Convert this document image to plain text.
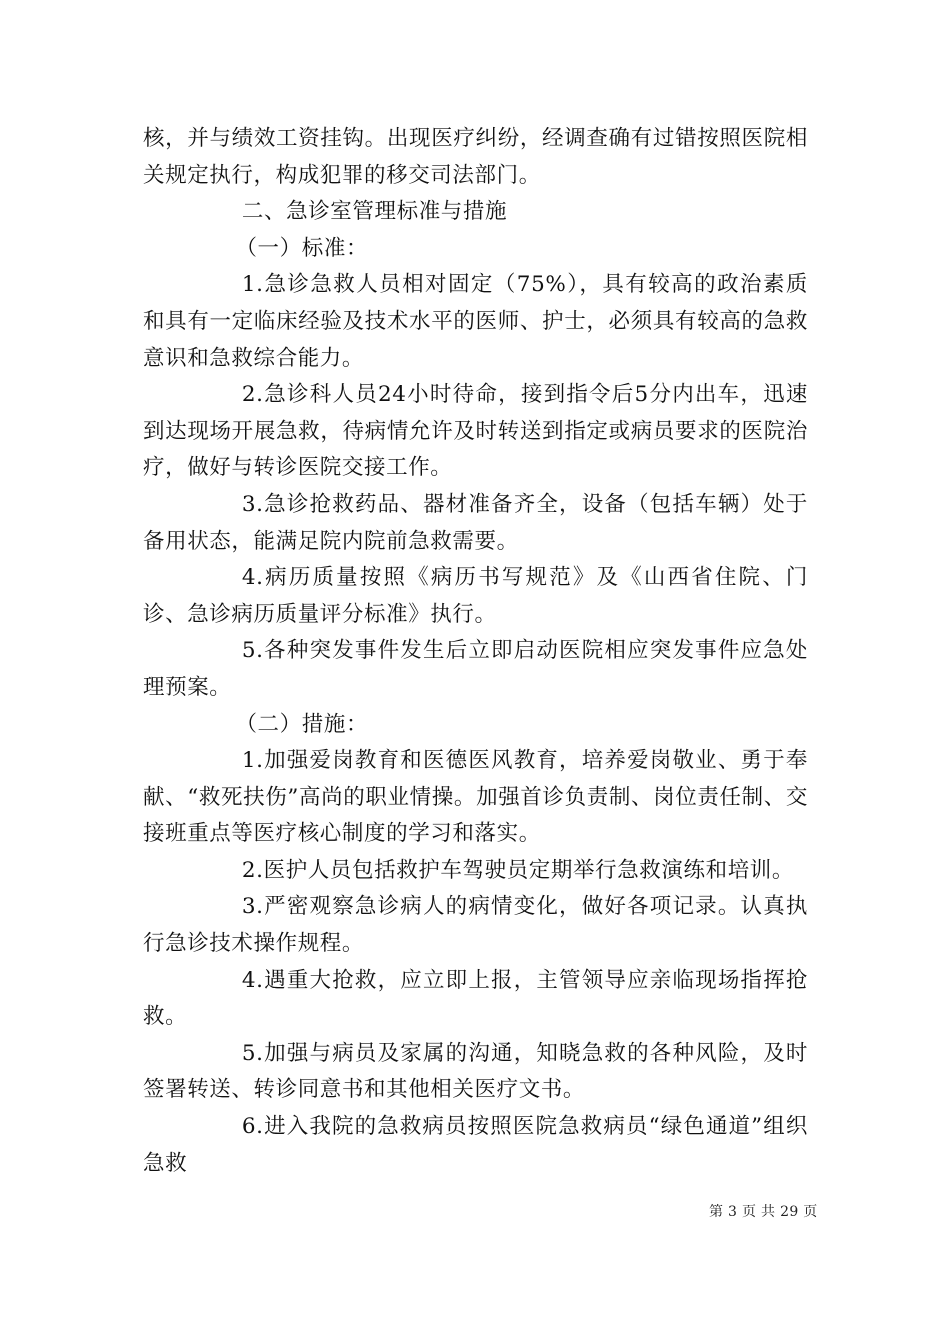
核，并与绩效工资挂钩。出现医疗纠纷，经调查确有过错按照医院相关规定执行，构成犯罪的移交司法部门。

二、急诊室管理标准与措施

（一）标准：

1.急诊急救人员相对固定（75%），具有较高的政治素质和具有一定临床经验及技术水平的医师、护士，必须具有较高的急救意识和急救综合能力。

2.急诊科人员24小时待命，接到指令后5分内出车，迅速到达现场开展急救，待病情允许及时转送到指定或病员要求的医院治疗，做好与转诊医院交接工作。

3.急诊抢救药品、器材准备齐全，设备（包括车辆）处于备用状态，能满足院内院前急救需要。

4.病历质量按照《病历书写规范》及《山西省住院、门诊、急诊病历质量评分标准》执行。

5.各种突发事件发生后立即启动医院相应突发事件应急处理预案。

（二）措施：

1.加强爱岗教育和医德医风教育，培养爱岗敬业、勇于奉献、“救死扶伤”高尚的职业情操。加强首诊负责制、岗位责任制、交接班重点等医疗核心制度的学习和落实。

2.医护人员包括救护车驾驶员定期举行急救演练和培训。

3.严密观察急诊病人的病情变化，做好各项记录。认真执行急诊技术操作规程。

4.遇重大抢救，应立即上报，主管领导应亲临现场指挥抢救。

5.加强与病员及家属的沟通，知晓急救的各种风险，及时签署转送、转诊同意书和其他相关医疗文书。

6.进入我院的急救病员按照医院急救病员“绿色通道”组织急救

第 3 页 共 29 页
